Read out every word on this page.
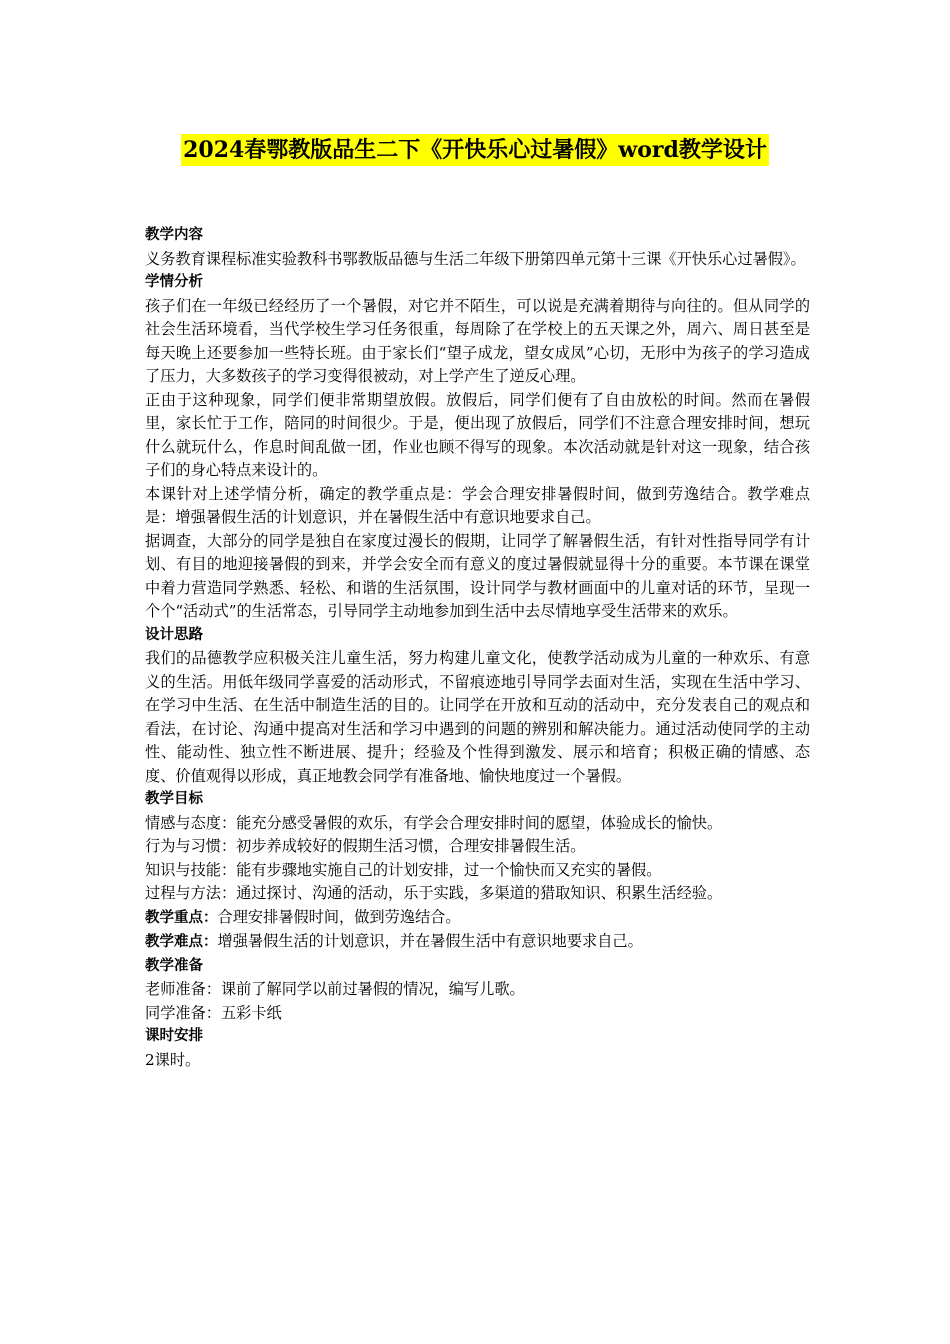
2024春鄂教版品生二下《开快乐心过暑假》word教学设计

教学内容

义务教育课程标准实验教科书鄂教版品德与生活二年级下册第四单元第十三课《开快乐心过暑假》。

学情分析

孩子们在一年级已经经历了一个暑假，对它并不陌生，可以说是充满着期待与向往的。但从同学的社会生活环境看，当代学校生学习任务很重，每周除了在学校上的五天课之外，周六、周日甚至是每天晚上还要参加一些特长班。由于家长们“望子成龙，望女成凤”心切，无形中为孩子的学习造成了压力，大多数孩子的学习变得很被动，对上学产生了逆反心理。

正由于这种现象，同学们便非常期望放假。放假后，同学们便有了自由放松的时间。然而在暑假里，家长忙于工作，陪同的时间很少。于是，便出现了放假后，同学们不注意合理安排时间，想玩什么就玩什么，作息时间乱做一团，作业也顾不得写的现象。本次活动就是针对这一现象，结合孩子们的身心特点来设计的。

本课针对上述学情分析，确定的教学重点是：学会合理安排暑假时间，做到劳逸结合。教学难点是：增强暑假生活的计划意识，并在暑假生活中有意识地要求自己。

据调查，大部分的同学是独自在家度过漫长的假期，让同学了解暑假生活，有针对性指导同学有计划、有目的地迎接暑假的到来，并学会安全而有意义的度过暑假就显得十分的重要。本节课在课堂中着力营造同学熟悉、轻松、和谐的生活氛围，设计同学与教材画面中的儿童对话的环节，呈现一个个“活动式”的生活常态，引导同学主动地参加到生活中去尽情地享受生活带来的欢乐。

设计思路

我们的品德教学应积极关注儿童生活，努力构建儿童文化，使教学活动成为儿童的一种欢乐、有意义的生活。用低年级同学喜爱的活动形式，不留痕迹地引导同学去面对生活，实现在生活中学习、在学习中生活、在生活中制造生活的目的。让同学在开放和互动的活动中，充分发表自己的观点和看法，在讨论、沟通中提高对生活和学习中遇到的问题的辨别和解决能力。通过活动使同学的主动性、能动性、独立性不断进展、提升；经验及个性得到激发、展示和培育；积极正确的情感、态度、价值观得以形成，真正地教会同学有准备地、愉快地度过一个暑假。

教学目标

情感与态度：能充分感受暑假的欢乐，有学会合理安排时间的愿望，体验成长的愉快。

行为与习惯：初步养成较好的假期生活习惯，合理安排暑假生活。

知识与技能：能有步骤地实施自己的计划安排，过一个愉快而又充实的暑假。

过程与方法：通过探讨、沟通的活动，乐于实践，多渠道的猎取知识、积累生活经验。

教学重点：合理安排暑假时间，做到劳逸结合。

教学难点：增强暑假生活的计划意识，并在暑假生活中有意识地要求自己。

教学准备

老师准备：课前了解同学以前过暑假的情况，编写儿歌。

同学准备：五彩卡纸

课时安排

2课时。
